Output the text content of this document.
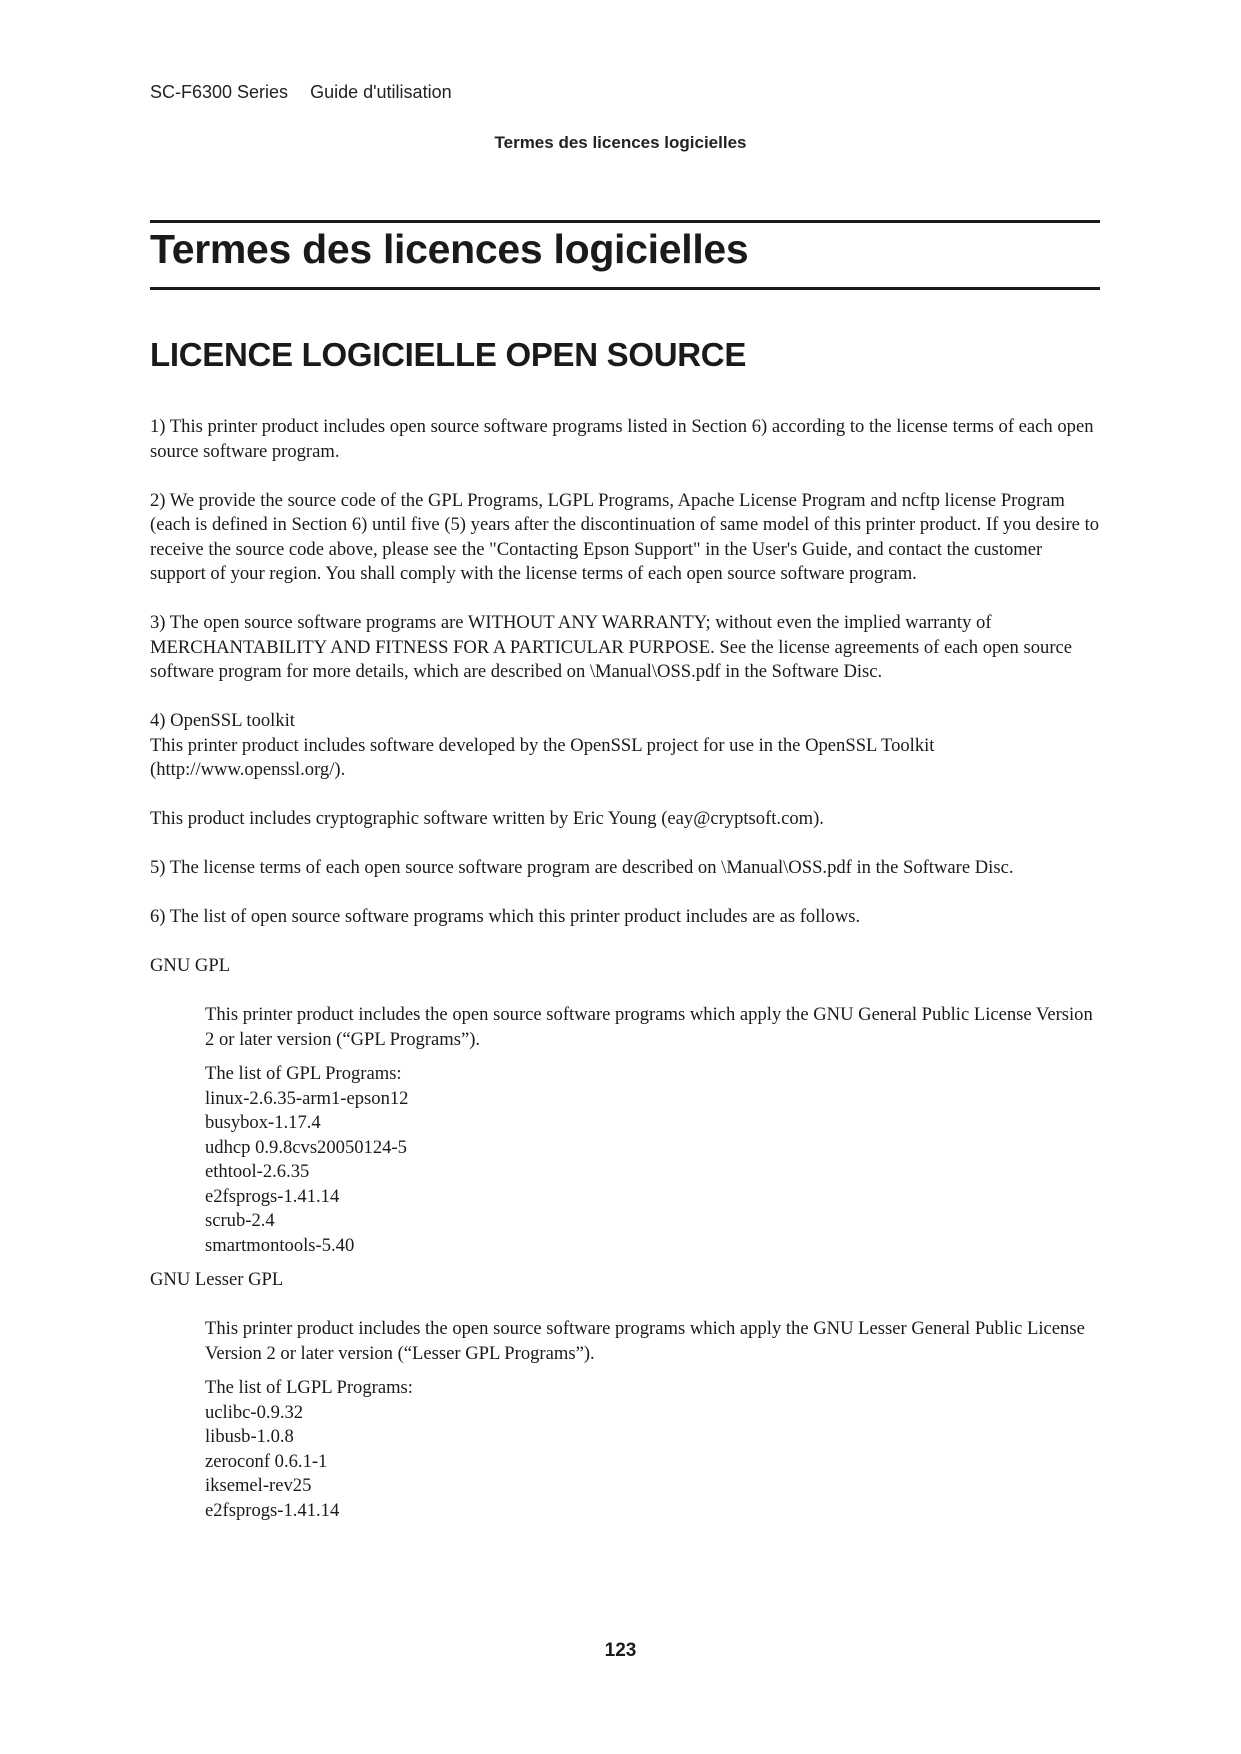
SC-F6300 Series Guide d'utilisation
Termes des licences logicielles
Termes des licences logicielles
LICENCE LOGICIELLE OPEN SOURCE

1) This printer product includes open source software programs listed in Section 6) according to the license terms of each open source software program.

2) We provide the source code of the GPL Programs, LGPL Programs, Apache License Program and ncftp license Program (each is defined in Section 6) until five (5) years after the discontinuation of same model of this printer product. If you desire to receive the source code above, please see the "Contacting Epson Support" in the User's Guide, and contact the customer support of your region. You shall comply with the license terms of each open source software program.

3) The open source software programs are WITHOUT ANY WARRANTY; without even the implied warranty of MERCHANTABILITY AND FITNESS FOR A PARTICULAR PURPOSE. See the license agreements of each open source software program for more details, which are described on \Manual\OSS.pdf in the Software Disc.

4) OpenSSL toolkit
This printer product includes software developed by the OpenSSL project for use in the OpenSSL Toolkit (http://www.openssl.org/).

This product includes cryptographic software written by Eric Young (eay@cryptsoft.com).

5) The license terms of each open source software program are described on \Manual\OSS.pdf in the Software Disc.

6) The list of open source software programs which this printer product includes are as follows.

GNU GPL

This printer product includes the open source software programs which apply the GNU General Public License Version 2 or later version (“GPL Programs”).

The list of GPL Programs:
linux-2.6.35-arm1-epson12
busybox-1.17.4
udhcp 0.9.8cvs20050124-5
ethtool-2.6.35
e2fsprogs-1.41.14
scrub-2.4
smartmontools-5.40

GNU Lesser GPL

This printer product includes the open source software programs which apply the GNU Lesser General Public License Version 2 or later version (“Lesser GPL Programs”).

The list of LGPL Programs:
uclibc-0.9.32
libusb-1.0.8
zeroconf 0.6.1-1
iksemel-rev25
e2fsprogs-1.41.14
123
